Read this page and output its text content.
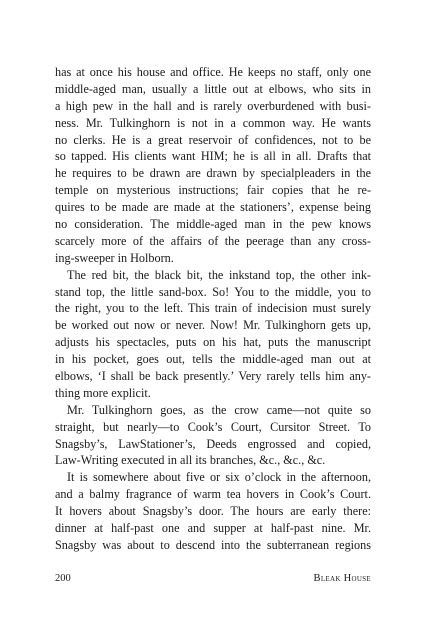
has at once his house and office. He keeps no staff, only one
middle-aged man, usually a little out at elbows, who sits in
a high pew in the hall and is rarely overburdened with busi-
ness. Mr. Tulkinghorn is not in a common way. He wants
no clerks. He is a great reservoir of confidences, not to be
so tapped. His clients want HIM; he is all in all. Drafts that
he requires to be drawn are drawn by specialpleaders in the
temple on mysterious instructions; fair copies that he re-
quires to be made are made at the stationers’, expense being
no consideration. The middle-aged man in the pew knows
scarcely more of the affairs of the peerage than any cross-
ing-sweeper in Holborn.
The red bit, the black bit, the inkstand top, the other ink-
stand top, the little sand-box. So! You to the middle, you to
the right, you to the left. This train of indecision must surely
be worked out now or never. Now! Mr. Tulkinghorn gets up,
adjusts his spectacles, puts on his hat, puts the manuscript
in his pocket, goes out, tells the middle-aged man out at
elbows, ‘I shall be back presently.’ Very rarely tells him any-
thing more explicit.
Mr. Tulkinghorn goes, as the crow came—not quite so
straight, but nearly—to Cook’s Court, Cursitor Street. To
Snagsby’s, LawStationer’s, Deeds engrossed and copied,
Law-Writing executed in all its branches, &c., &c., &c.
It is somewhere about five or six o’clock in the afternoon,
and a balmy fragrance of warm tea hovers in Cook’s Court.
It hovers about Snagsby’s door. The hours are early there:
dinner at half-past one and supper at half-past nine. Mr.
Snagsby was about to descend into the subterranean regions
200	Bleak House
